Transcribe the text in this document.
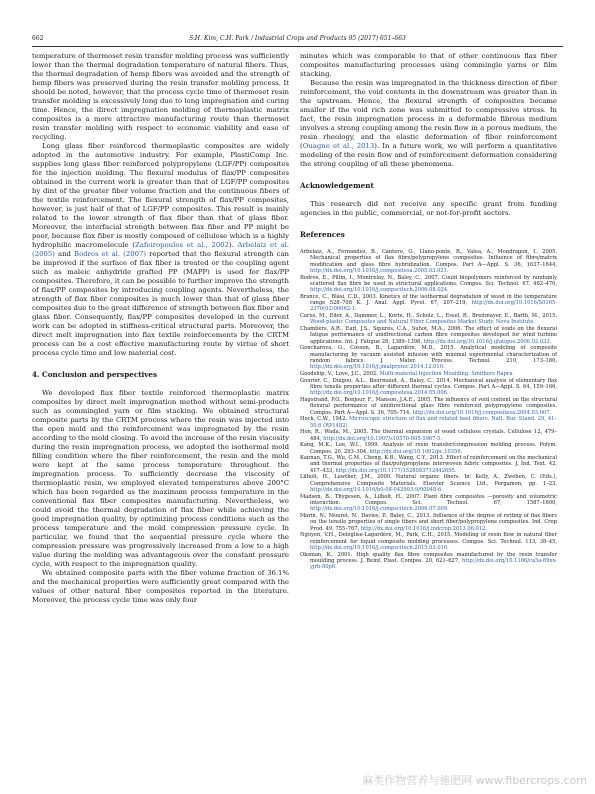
662	S.H. Kim, C.H. Park / Industrial Crops and Products 95 (2017) 651–663

temperature of thermoset resin transfer molding process was sufficiently lower than the thermal degradation temperature of natural fibers. Thus, the thermal degradation of hemp fibers was avoided and the strength of hemp fibers was preserved during the resin transfer molding process. It should be noted, however, that the process cycle time of thermoset resin transfer molding is excessively long due to long impregnation and curing time. Hence, the direct impregnation molding of thermoplastic matrix composites is a more attractive manufacturing route than thermoset resin transfer molding with respect to economic viability and ease of recycling.

Long glass fiber reinforced thermoplastic composites are widely adopted in the automotive industry. For example, PlastiComp Inc. supplies long glass fiber reinforced polypropylene (LGF/PP) composites for the injection molding. The flexural modulus of flax/PP composites obtained in the current work is greater than that of LGF/PP composites by dint of the greater fiber volume fraction and the continuous fibers of the textile reinforcement. The flexural strength of flax/PP composites, however, is just half of that of LGF/PP composites. This result is mainly related to the lower strength of flax fiber than that of glass fiber. Moreover, the interfacial strength between flax fiber and PP might be poor, because flax fiber is mostly composed of cellulose which is a highly hydrophilic macromolecule (Zafeiropoulos et al., 2002). Arbelaiz et al. (2005) and Bodros et al. (2007) reported that the flexural strength can be improved if the surface of flax fiber is treated or the coupling agent such as maleic anhydride grafted PP (MAPP) is used for flax/PP composites. Therefore, it can be possible to further improve the strength of flax/PP composites by introducing coupling agents. Nevertheless, the strength of flax fiber composites is much lower than that of glass fiber composites due to the great difference of strength between flax fiber and glass fiber. Consequently, flax/PP composites developed in the current work can be adopted in stiffness-critical structural parts. Moreover, the direct melt impregnation into flax textile reinforcements by the CRTM process can be a cost effective manufacturing route by virtue of short process cycle time and low material cost.

4. Conclusion and perspectives

We developed flax fiber textile reinforced thermoplastic matrix composites by direct melt impregnation method without semi-products such as commingled yarn or film stacking. We obtained structural composite parts by the CRTM process where the resin was injected into the open mold and the reinforcement was impregnated by the resin according to the mold closing. To avoid the increase of the resin viscosity during the resin impregnation process, we adopted the isothermal mold filling condition where the fiber reinforcement, the resin and the mold were kept at the same process temperature throughout the impregnation process. To sufficiently decrease the viscosity of thermoplastic resin, we employed elevated temperatures above 200°C which has been regarded as the maximum process temperature in the conventional flax fiber composites manufacturing. Nevertheless, we could avoid the thermal degradation of flax fiber while achieving the good impregnation quality, by optimizing process conditions such as the process temperature and the mold compression pressure cycle. In particular, we found that the sequential pressure cycle where the compression pressure was progressively increased from a low to a high value during the molding was advantageous over the constant pressure cycle, with respect to the impregnation quality.

We obtained composite parts with the fiber volume fraction of 36.1% and the mechanical properties were sufficiently great compared with the values of other natural fiber composites reported in the literature. Moreover, the process cycle time was only four

minutes which was comparable to that of other continuous flax fiber composites manufacturing processes using commingle yarns or film stacking.

Because the resin was impregnated in the thickness direction of fiber reinforcement, the void contents in the downstream was greater than in the upstream. Hence, the flexural strength of composites became smaller if the void rich zone was submitted to compressive stress. In fact, the resin impregnation process in a deformable fibrous medium involves a strong coupling among the resin flow in a porous medium, the resin rheology, and the elastic deformation of fiber reinforcement (Ouagne et al., 2013). In a future work, we will perform a quantitative modeling of the resin flow and of reinforcement deformation considering the strong coupling of all these phenomena.

Acknowledgement

This research did not receive any specific grant from funding agencies in the public, commercial, or not-for-profit sectors.

References
Arbelaiz, A., Fernandez, B., Cantero, G., Llano-ponte, R., Valea, A., Mondragon, I., 2005. Mechanical properties of flax fibre/polypropylene composites. Influence of fibre/matrix modification and glass fibre hybridization. Compos. Part A—Appl. S. 36, 1637–1644, http://dx.doi.org/10.1016/j.compositesa.2005.03.021.
Bodros, E., Pillin, I., Montrelay, N., Baley, C., 2007. Could biopolymers reinforced by randomly scattered flax fibre be used in structural applications. Compos. Sci. Technol. 67, 462–470, http://dx.doi.org/10.1016/j.compscitech.2006.08.024.
Brance, C., Blasi, C.D., 2003. Kinetics of the isothermal degradation of wood in the temperature range 528–708 K. J. Anal. Appl. Pyrol. 67, 207–219, http://dx.doi.org/10.1016/S0165-2370(02)00062-1.
Carus, M., Eder, A., Dammer, L., Korte, H., Scholz, L., Essel, R., Breitmayer, E., Barth, M., 2015. Wood-plastic Composites and Natural Fiber Composites Market Study. Nova Institute.
Chambers, A.R., Earl, J.S., Squires, C.A., Suhot, M.A., 2006. The effect of voids on the flexural fatigue performance of unidirectional carbon fibre composites developed for wind turbine applications. Int. J. Fatigue 28, 1389–1398, http://dx.doi.org/10.1016/j.ijfatigue.2006.02.033.
Goncharova, G., Cosson, B., Lagardère, M.D., 2015. Analytical modeling of composite manufacturing by vacuum assisted infusion with minimal experimental characterization of random fabrics. J. Mater. Process. Technol. 210, 173–180, http://dx.doi.org/10.1016/j.jmatprotec.2014.12.010.
Goodship, V., Love, J.C., 2002. Multi-material Injection Moulding. Smithers Rapra.
Gourier, C., Duigou, A.L., Bourmaud, A., Baley, C., 2014. Mechanical analysis of elementary flax fibre tensile properties after different thermal cycles. Compos. Part A—Appl. S. 64, 159–166, http://dx.doi.org/10.1016/j.compositesa.2014.05.006.
Hagstrand, P.O., Bonjour, F., Manson, J.A.E., 2005. The influence of void content on the structural flexural performance of unidirectional glass fibre reinforced polypropylene composites. Compos. Part A—Appl. S. 36, 705–714, http://dx.doi.org/10.1016/j.compositesa.2004.03.007.
Hock, C.W., 1942. Microscopic structure of flax and related bast fibers. Natl. Bur. Stand. 29, 41–50.6 (RP1482).
Hon, R., Wada, M., 2005. The thermal expansion of wood cellulose crystals. Cellulose 12, 479–484, http://dx.doi.org/10.1007/s10570-005-5967-5.
Kang, M.K., Lee, W.I., 1999. Analysis of resin transfer/compression molding process. Polym. Compos. 20, 293–304, http://dx.doi.org/10.1002/pc.10356.
Kannan, T.G., Wu, C.M., Cheng, K.B., Wang, C.Y., 2013. Effect of reinforcement on the mechanical and thermal properties of flax/polypropylene interwoven fabric composites. J. Ind. Text. 42, 417–433, http://dx.doi.org/10.1177/1528083712442695.
Lilholt, H., Lawther, J.M., 2000. Natural organic fibers. In: Kelly, A., Zweben, C. (Eds.), Comprehensive Composite Materials. Elsevier Science Ltd., Pergamon, pp. 1–23, http://dx.doi.org/10.1016/b0-08-042993-9/00048-6.
Madsen, B., Thygesen, A., Lilholt, H., 2007. Plant fibre composites —porosity and volumetric interaction. Compos. Sci. Technol. 67, 1587–1600, http://dx.doi.org/10.1016/j.compscitech.2006.07.009.
Marin, N., Mouret, N., Davies, P., Baley, C., 2013. Influence of the degree of retting of flax fibers on the tensile properties of single fibers and short fiber/polypropylene composites. Ind. Crop Prod. 49, 755–767, http://dx.doi.org/10.1016/j.indcrop.2013.06.012.
Nguyen, V.H., Deléglise-Lagardère, M., Park, C.H., 2015. Modeling of resin flow in natural fiber reinforcement for liquid composite molding processes. Compos. Sci. Technol. 113, 38–45, http://dx.doi.org/10.1016/j.compscitech.2015.03.016.
Oksman, K., 2001. High quality flax fibre composites manufactured by the resin transfer moulding process. J. Reinf. Plast. Compos. 20, 621–627, http://dx.doi.org/10.1106/ca5a-69xx-yjrb-80p6.
麻类作物营养与施肥网 www.fibercrops.com
